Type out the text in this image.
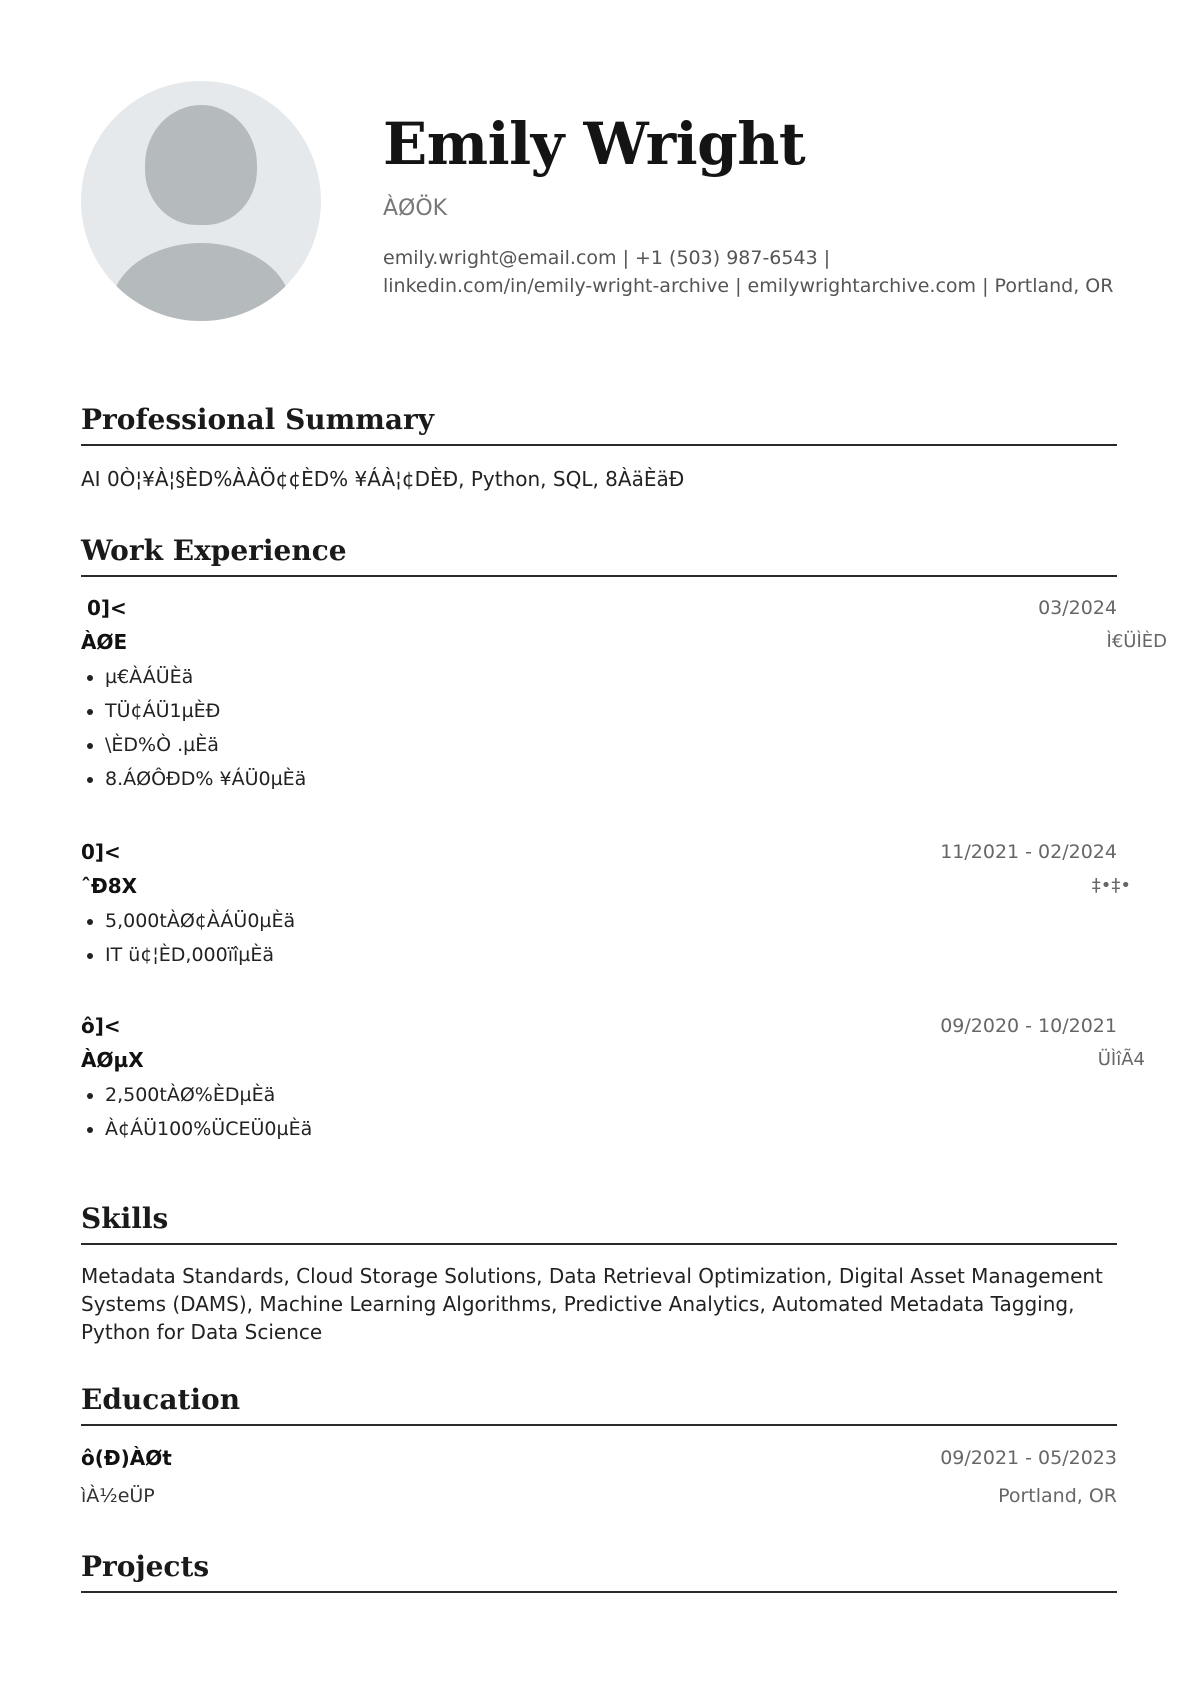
Emily Wright
ÀØÖK
emily.wright@email.com | +1 (503) 987-6543 |
linkedin.com/in/emily-wright-archive | emilywrightarchive.com | Portland, OR
Professional Summary
AI 0Ò¦¥À¦§ÈD%ÀÀÖ¢¢ÈD% ¥ÁÀ¦¢DÈÐ, Python, SQL, 8ÀäÈäÐ
Work Experience
0]<	03/2024
ÀØE	Ì€ÜÌÈD
• µ€ÀÁÜÈä
• TÜ¢ÁÜ1µÈÐ
• \ÈD%Ò .µÈä
• 8.ÁØÔÐD% ¥ÁÜ0µÈä
0]<	11/2021 - 02/2024
ˆÐ8X	‡•‡•
• 5,000tÀØ¢ÀÁÜ0µÈä
• IT ü¢¦ÈD,000ïîµÈä
ô]<	09/2020 - 10/2021
ÀØµX	ÜÌîÃ4
• 2,500tÀØ%ÈDµÈä
• À¢ÁÜ100%ÜCEÜ0µÈä
Skills
Metadata Standards, Cloud Storage Solutions, Data Retrieval Optimization, Digital Asset Management Systems (DAMS), Machine Learning Algorithms, Predictive Analytics, Automated Metadata Tagging, Python for Data Science
Education
ô(Ð)ÀØt	09/2021 - 05/2023
ìÀ½eÜP	Portland, OR
Projects
